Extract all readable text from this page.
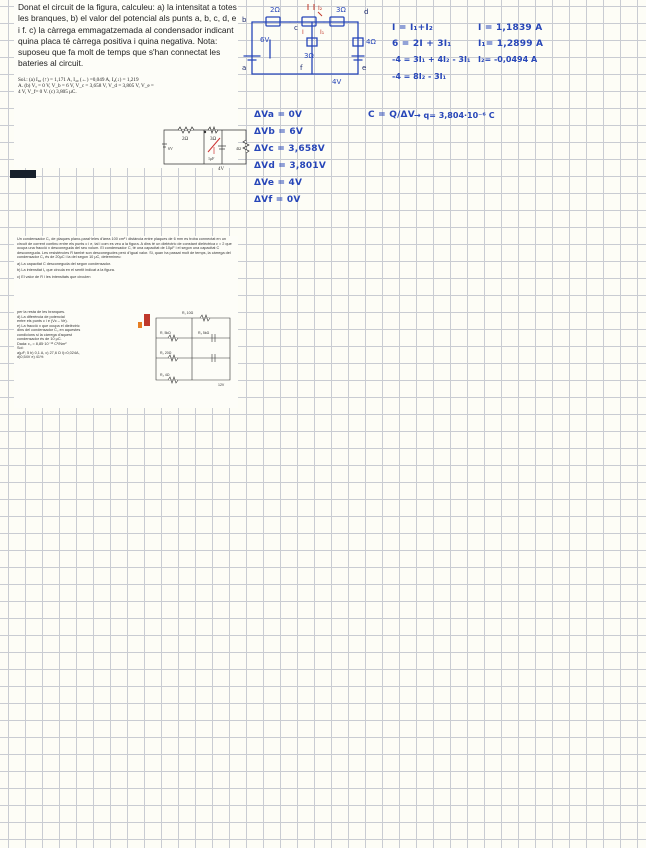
Donat el circuit de la figura, calculeu: a) la intensitat a totes les branques, b) el valor del potencial als punts a, b, c, d, e i f. c) la càrrega emmagatzemada al condensador indicant quina placa té càrrega positiva i quina negativa. Nota: suposeu que fa molt de temps que s'han connectat les bateries al circuit.

Sol.: (a) I₆₀ (↑) = 1,171 A, I₄₀ (←) =0,049 A, I₄(↓) = 1,219
A. (b) Vₐ = 0 V, V_b = 6 V, V_c = 3,658 V, V_d = 3,805 V, V_e =
4 V, V_f= 0 V. (c) 3,805 μC.
2Ω	3Ω
6V
4V
4Ω
1μF

Un condensador C₀ de plaques plano-paral·leles d'àrea 100 cm² i distància entre plaques de 6 mm es troba connectat en un circuit de corrent continu entre els punts c i e, tal i com es veu a la figura. A dins té un dielèctric de constant dielèctrica ε = 2 que ocupa una fracció x desconeguda del seu volum. El condensador C, té una capacitat de 10μF i el segon una capacitat C desconeguda. Les resistències R també son desconegudes però d'igual valor. Si, quan ha passat molt de temps, la càrrega del condensador C₁ és de 20μC i la del segon 10 μC, determineu:

a) La capacitat C desconeguda del segon condensador.
b) La intensitat I₁ que circula en el sentit indicat a la figura.
c) El valor de R i les intensitats que circulen
per la resta de les branques.
d) La diferència de potencial
entre els punts c i e (Vc – Ve).
e) La fracció x que ocupa el dielèctric
dins del condensador C₀ en aquestes
condicions si la càrrega d'aquest
condensador és de 10 μC.
Dada: ε₀ = 8,85·10⁻¹² C²/Nm²
Sol:
a)μF; 5 b) 0,1 A, c) 27,6 Ω I)=0,024A,
d)0,54V e) 41%
R₁ 10Ω
R, 5kΩ
R₂ 20Ω
R₃ 5kΩ
R₄ 4Ω
12V
2Ω	3Ω
3Ω
b
c
d
a	e
f
6V
4V
4Ω
I
I₂
I₁	I = I₁+I₂
6 = 2I + 3I₁
-4 = 3I₁ + 4I₂ - 3I₁
-4 = 8I₂ - 3I₁
I = 1,1839 A
I₁= 1,2899 A
I₂= -0,0494 A
ΔVa = 0V
ΔVb = 6V
ΔVc = 3,658V
ΔVd = 3,801V
ΔVe = 4V
ΔVf = 0V
C = Q/ΔV → q= 3,804·10⁻⁶ C
